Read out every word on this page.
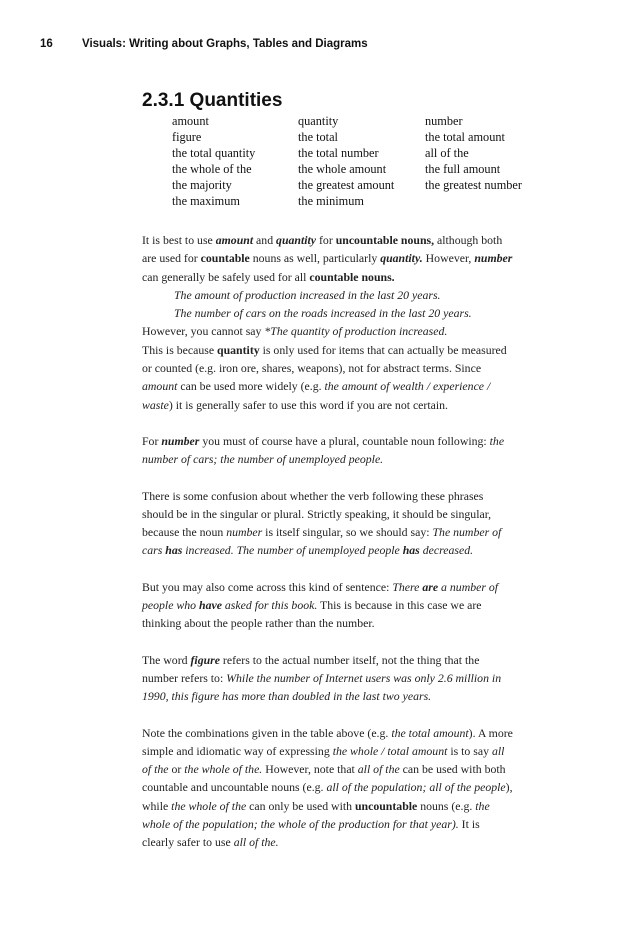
16	Visuals: Writing about Graphs, Tables and Diagrams
2.3.1 Quantities
amount	quantity	number
figure	the total	the total amount
the total quantity	the total number	all of the
the whole of the	the whole amount	the full amount
the majority	the greatest amount	the greatest number
the maximum	the minimum	

It is best to use amount and quantity for uncountable nouns, although both are used for countable nouns as well, particularly quantity. However, number can generally be safely used for all countable nouns.

The amount of production increased in the last 20 years.

The number of cars on the roads increased in the last 20 years.

However, you cannot say *The quantity of production increased.

This is because quantity is only used for items that can actually be measured or counted (e.g. iron ore, shares, weapons), not for abstract terms. Since amount can be used more widely (e.g. the amount of wealth / experience / waste) it is generally safer to use this word if you are not certain.

For number you must of course have a plural, countable noun following: the number of cars; the number of unemployed people.

There is some confusion about whether the verb following these phrases should be in the singular or plural. Strictly speaking, it should be singular, because the noun number is itself singular, so we should say: The number of cars has increased. The number of unemployed people has decreased.

But you may also come across this kind of sentence: There are a number of people who have asked for this book. This is because in this case we are thinking about the people rather than the number.

The word figure refers to the actual number itself, not the thing that the number refers to: While the number of Internet users was only 2.6 million in 1990, this figure has more than doubled in the last two years.

Note the combinations given in the table above (e.g. the total amount). A more simple and idiomatic way of expressing the whole / total amount is to say all of the or the whole of the. However, note that all of the can be used with both countable and uncountable nouns (e.g. all of the population; all of the people), while the whole of the can only be used with uncountable nouns (e.g. the whole of the population; the whole of the production for that year). It is clearly safer to use all of the.
